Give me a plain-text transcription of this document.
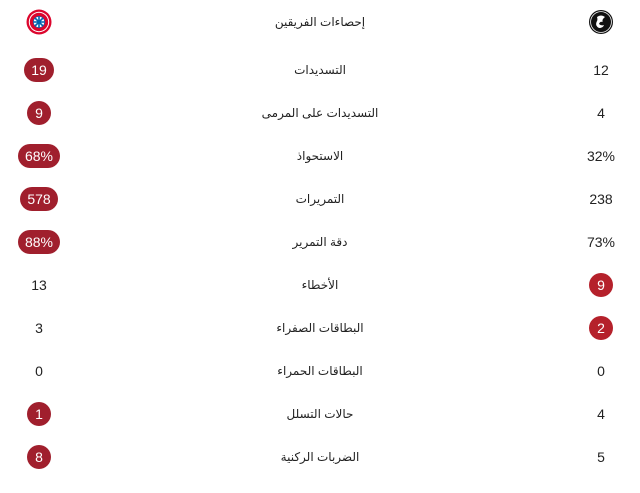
إحصاءات الفريقين
19	التسديدات	12
9	التسديدات على المرمى	4
68%	الاستحواذ	32%
578	التمريرات	238
88%	دقة التمرير	73%
13	الأخطاء	9
3	البطاقات الصفراء	2
0	البطاقات الحمراء	0
1	حالات التسلل	4
8	الضربات الركنية	5
